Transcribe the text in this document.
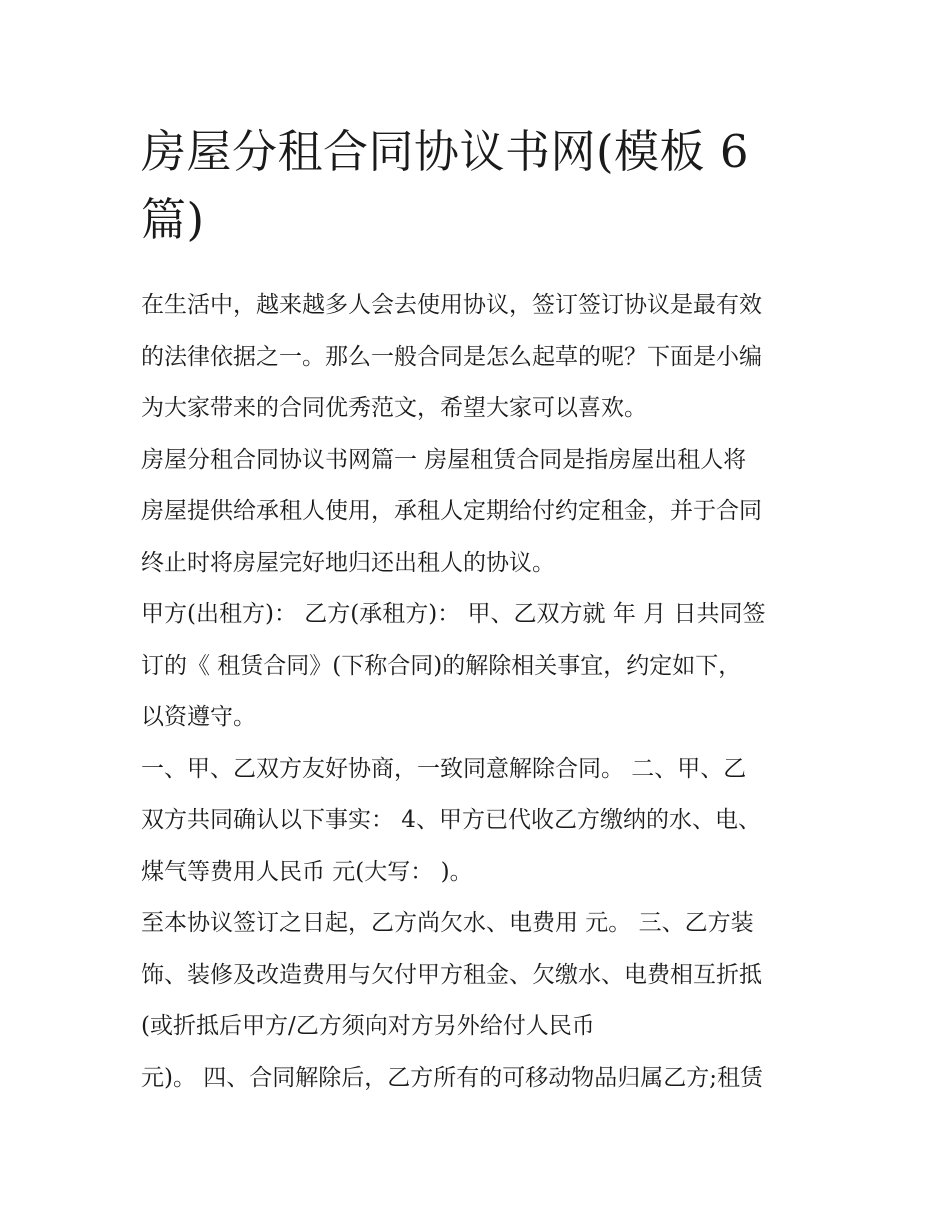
房屋分租合同协议书网(模板 6
篇)
在生活中，越来越多人会去使用协议，签订签订协议是最有效
的法律依据之一。那么一般合同是怎么起草的呢？下面是小编
为大家带来的合同优秀范文，希望大家可以喜欢。
房屋分租合同协议书网篇一 房屋租赁合同是指房屋出租人将
房屋提供给承租人使用，承租人定期给付约定租金，并于合同
终止时将房屋完好地归还出租人的协议。
甲方(出租方)： 乙方(承租方)： 甲、乙双方就 年 月 日共同签
订的《 租赁合同》(下称合同)的解除相关事宜，约定如下，
以资遵守。
一、甲、乙双方友好协商，一致同意解除合同。 二、甲、乙
双方共同确认以下事实： 4、甲方已代收乙方缴纳的水、电、
煤气等费用人民币 元(大写： )。
至本协议签订之日起，乙方尚欠水、电费用 元。 三、乙方装
饰、装修及改造费用与欠付甲方租金、欠缴水、电费相互折抵
(或折抵后甲方/乙方须向对方另外给付人民币
元)。 四、合同解除后，乙方所有的可移动物品归属乙方;租赁
